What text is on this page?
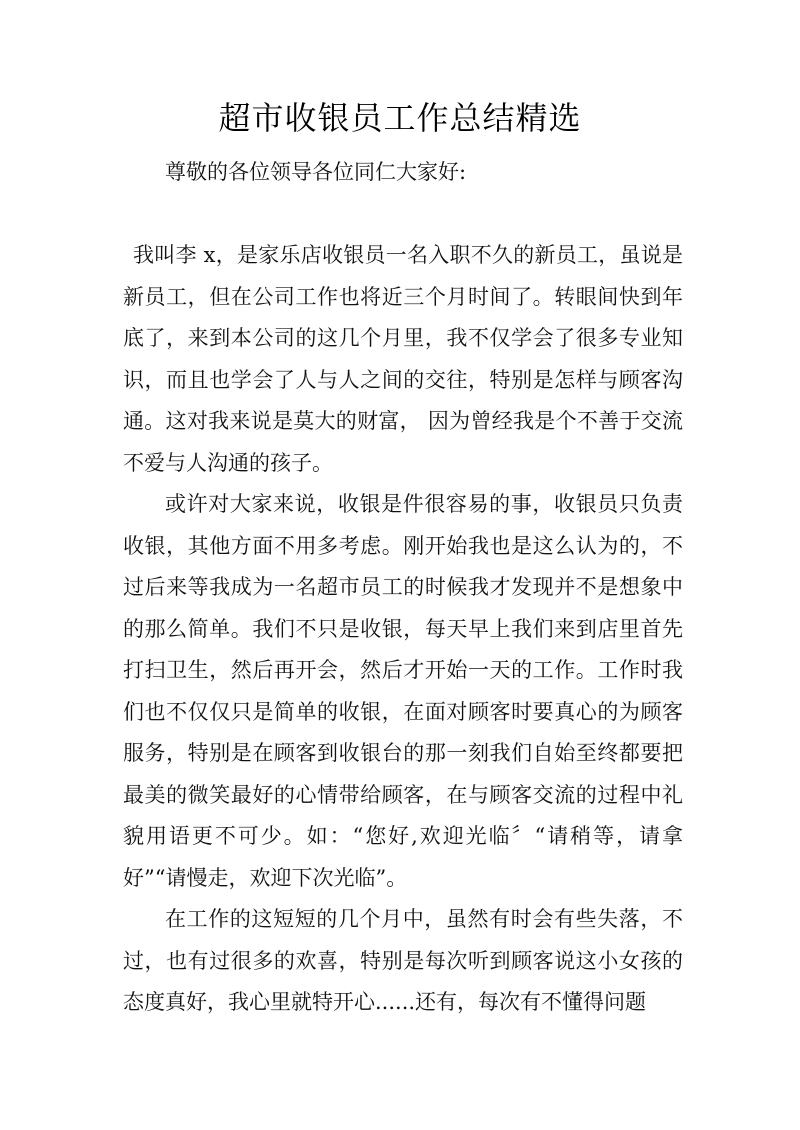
超市收银员工作总结精选

尊敬的各位领导各位同仁大家好:

我叫李 x，是家乐店收银员一名入职不久的新员工，虽说是新员工，但在公司工作也将近三个月时间了。转眼间快到年底了，来到本公司的这几个月里，我不仅学会了很多专业知识，而且也学会了人与人之间的交往，特别是怎样与顾客沟通。这对我来说是莫大的财富， 因为曾经我是个不善于交流不爱与人沟通的孩子。

或许对大家来说，收银是件很容易的事，收银员只负责收银，其他方面不用多考虑。刚开始我也是这么认为的，不过后来等我成为一名超市员工的时候我才发现并不是想象中的那么简单。我们不只是收银，每天早上我们来到店里首先打扫卫生，然后再开会，然后才开始一天的工作。工作时我们也不仅仅只是简单的收银，在面对顾客时要真心的为顾客服务，特别是在顾客到收银台的那一刻我们自始至终都要把最美的微笑最好的心情带给顾客，在与顾客交流的过程中礼貌用语更不可少。如：“您好,欢迎光临〞“请稍等，请拿好”“请慢走，欢迎下次光临”。

在工作的这短短的几个月中，虽然有时会有些失落，不过，也有过很多的欢喜，特别是每次听到顾客说这小女孩的态度真好，我心里就特开心......还有，每次有不懂得问题
